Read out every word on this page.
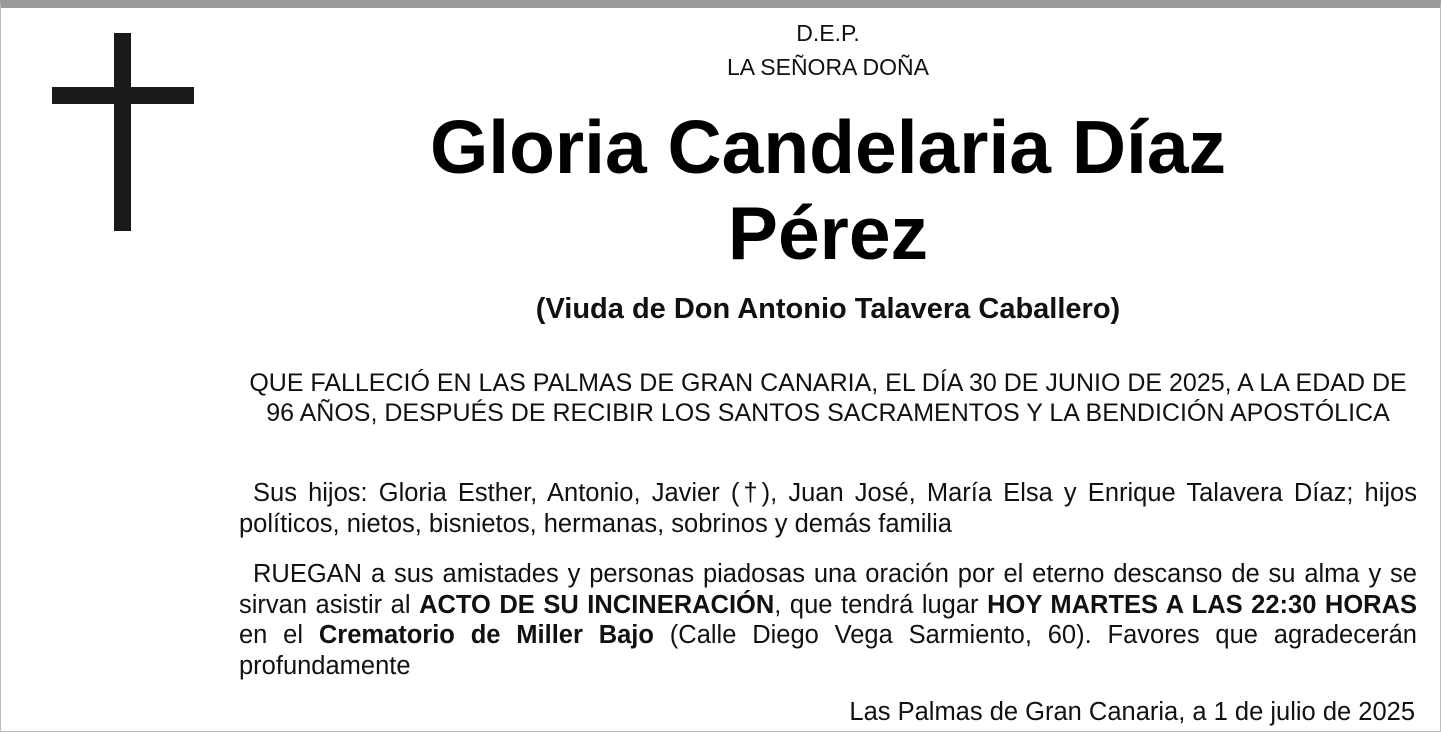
D.E.P.
LA SEÑORA DOÑA
Gloria Candelaria Díaz
Pérez
(Viuda de Don Antonio Talavera Caballero)
QUE FALLECIÓ EN LAS PALMAS DE GRAN CANARIA, EL DÍA 30 DE JUNIO DE 2025, A LA EDAD DE 96 AÑOS, DESPUÉS DE RECIBIR LOS SANTOS SACRAMENTOS Y LA BENDICIÓN APOSTÓLICA
Sus hijos: Gloria Esther, Antonio, Javier (†), Juan José, María Elsa y Enrique Talavera Díaz; hijos políticos, nietos, bisnietos, hermanas, sobrinos y demás familia
RUEGAN a sus amistades y personas piadosas una oración por el eterno descanso de su alma y se sirvan asistir al ACTO DE SU INCINERACIÓN, que tendrá lugar HOY MARTES A LAS 22:30 HORAS en el Crematorio de Miller Bajo (Calle Diego Vega Sarmiento, 60). Favores que agradecerán profundamente
Las Palmas de Gran Canaria, a 1 de julio de 2025
